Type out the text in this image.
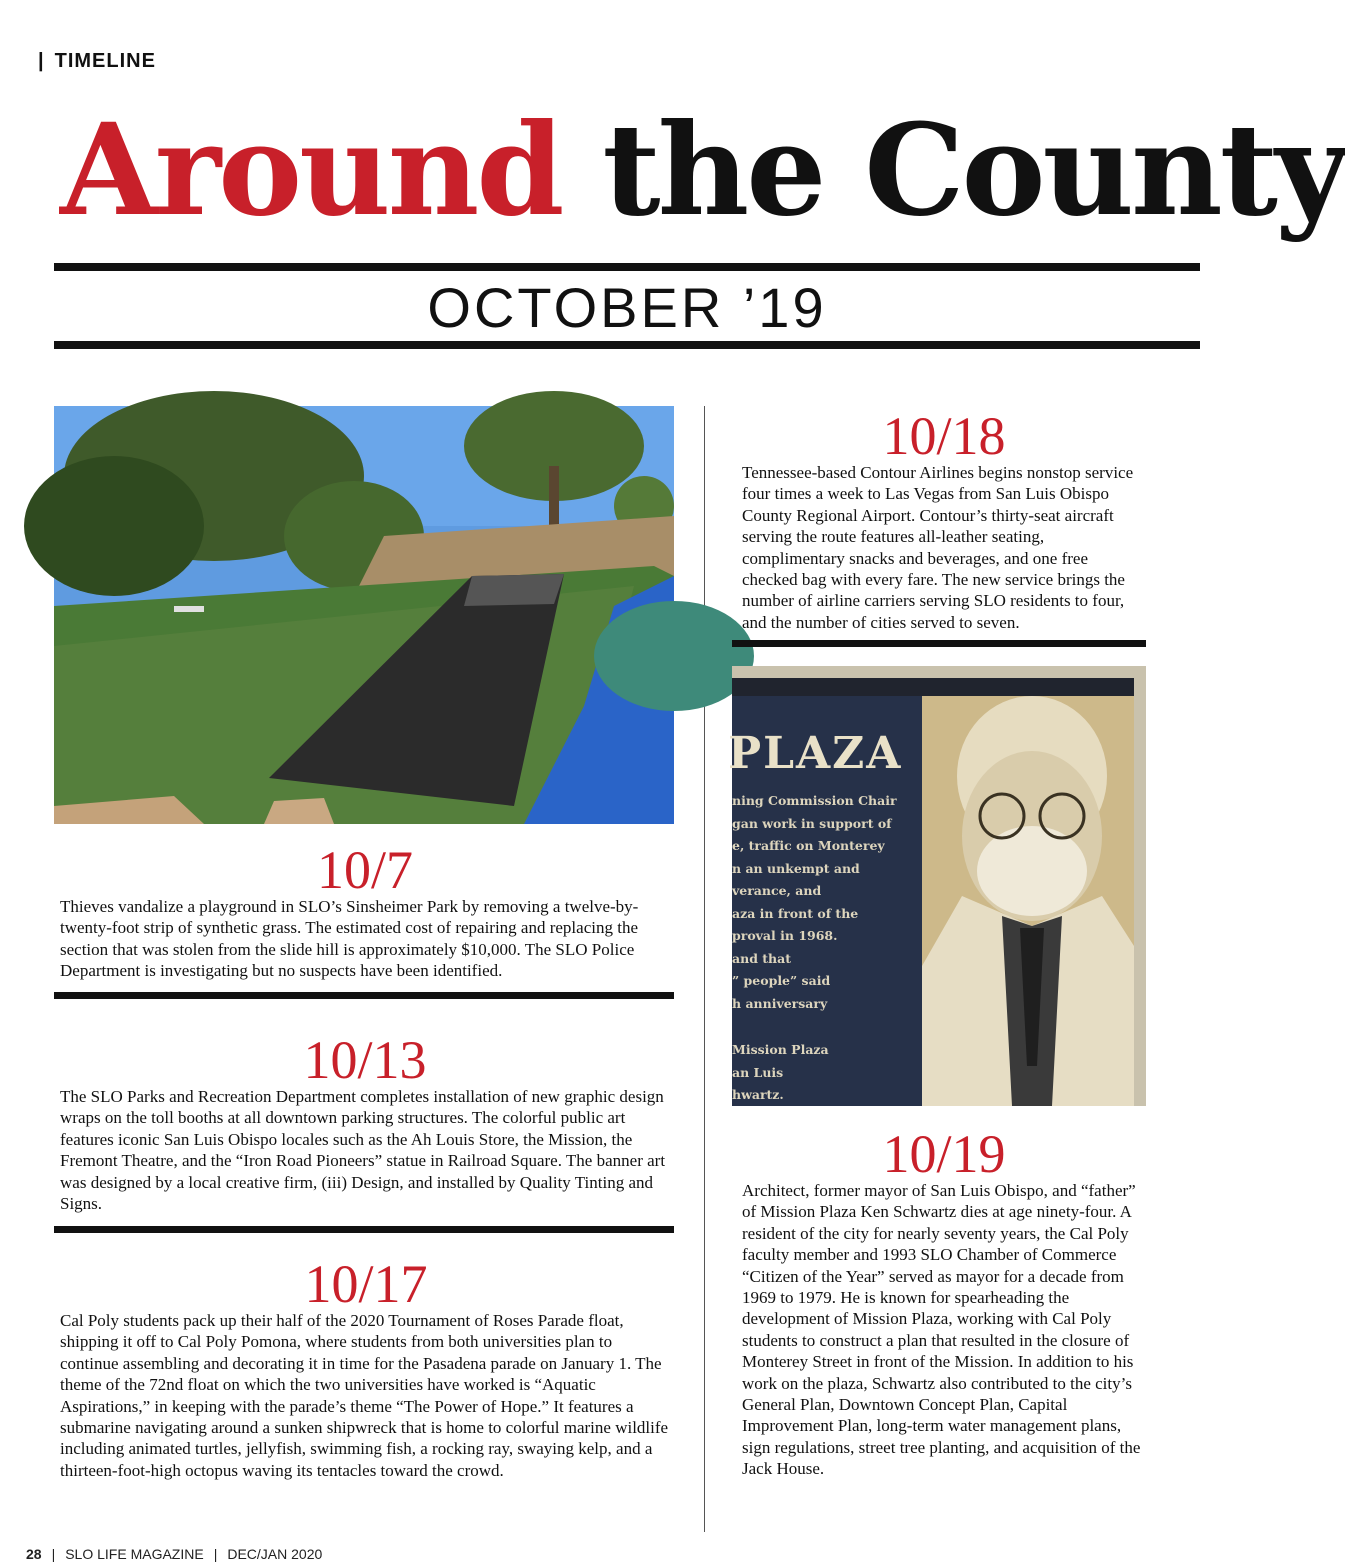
| TIMELINE
Around the County
OCTOBER ’19
10/7

Thieves vandalize a playground in SLO’s Sinsheimer Park by removing a twelve-by-twenty-foot strip of synthetic grass. The estimated cost of repairing and replacing the section that was stolen from the slide hill is approximately $10,000. The SLO Police Department is investigating but no suspects have been identified.

10/13

The SLO Parks and Recreation Department completes installation of new graphic design wraps on the toll booths at all downtown parking structures. The colorful public art features iconic San Luis Obispo locales such as the Ah Louis Store, the Mission, the Fremont Theatre, and the “Iron Road Pioneers” statue in Railroad Square. The banner art was designed by a local creative firm, (iii) Design, and installed by Quality Tinting and Signs.

10/17

Cal Poly students pack up their half of the 2020 Tournament of Roses Parade float, shipping it off to Cal Poly Pomona, where students from both universities plan to continue assembling and decorating it in time for the Pasadena parade on January 1. The theme of the 72nd float on which the two universities have worked is “Aquatic Aspirations,” in keeping with the parade’s theme “The Power of Hope.” It features a submarine navigating around a sunken shipwreck that is home to colorful marine wildlife including animated turtles, jellyfish, swimming fish, a rocking ray, swaying kelp, and a thirteen-foot-high octopus waving its tentacles toward the crowd.

10/18

Tennessee-based Contour Airlines begins nonstop service four times a week to Las Vegas from San Luis Obispo County Regional Airport. Contour’s thirty-seat aircraft serving the route features all-leather seating, complimentary snacks and beverages, and one free checked bag with every fare. The new service brings the number of airline carriers serving SLO residents to four, and the number of cities served to seven.

PLAZA
ning Commission Chair
gan work in support of
e, traffic on Monterey
n an unkempt and
verance, and
aza in front of the
proval in 1968.
and that
” people” said
h anniversary
Mission Plaza
an Luis
hwartz.
10/19

Architect, former mayor of San Luis Obispo, and “father” of Mission Plaza Ken Schwartz dies at age ninety-four. A resident of the city for nearly seventy years, the Cal Poly faculty member and 1993 SLO Chamber of Commerce “Citizen of the Year” served as mayor for a decade from 1969 to 1979. He is known for spearheading the development of Mission Plaza, working with Cal Poly students to construct a plan that resulted in the closure of Monterey Street in front of the Mission. In addition to his work on the plaza, Schwartz also contributed to the city’s General Plan, Downtown Concept Plan, Capital Improvement Plan, long-term water management plans, sign regulations, street tree planting, and acquisition of the Jack House.

28 | SLO LIFE MAGAZINE | DEC/JAN 2020
